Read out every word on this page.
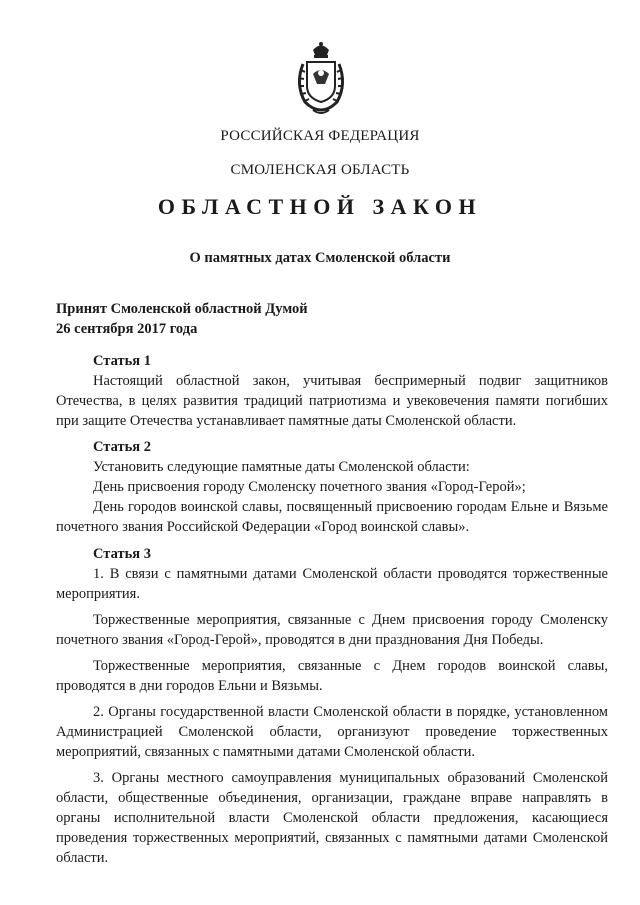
РОССИЙСКАЯ ФЕДЕРАЦИЯ
СМОЛЕНСКАЯ ОБЛАСТЬ
ОБЛАСТНОЙ ЗАКОН
О памятных датах Смоленской области
Принят Смоленской областной Думой
26 сентября 2017 года
Статья 1

Настоящий областной закон, учитывая беспримерный подвиг защитников Отечества, в целях развития традиций патриотизма и увековечения памяти погибших при защите Отечества устанавливает памятные даты Смоленской области.

Статья 2

Установить следующие памятные даты Смоленской области:

День присвоения городу Смоленску почетного звания «Город-Герой»;

День городов воинской славы, посвященный присвоению городам Ельне и Вязьме почетного звания Российской Федерации «Город воинской славы».

Статья 3

1. В связи с памятными датами Смоленской области проводятся торжественные мероприятия.

Торжественные мероприятия, связанные с Днем присвоения городу Смоленску почетного звания «Город-Герой», проводятся в дни празднования Дня Победы.

Торжественные мероприятия, связанные с Днем городов воинской славы, проводятся в дни городов Ельни и Вязьмы.

2. Органы государственной власти Смоленской области в порядке, установленном Администрацией Смоленской области, организуют проведение торжественных мероприятий, связанных с памятными датами Смоленской области.

3. Органы местного самоуправления муниципальных образований Смоленской области, общественные объединения, организации, граждане вправе направлять в органы исполнительной власти Смоленской области предложения, касающиеся проведения торжественных мероприятий, связанных с памятными датами Смоленской области.
